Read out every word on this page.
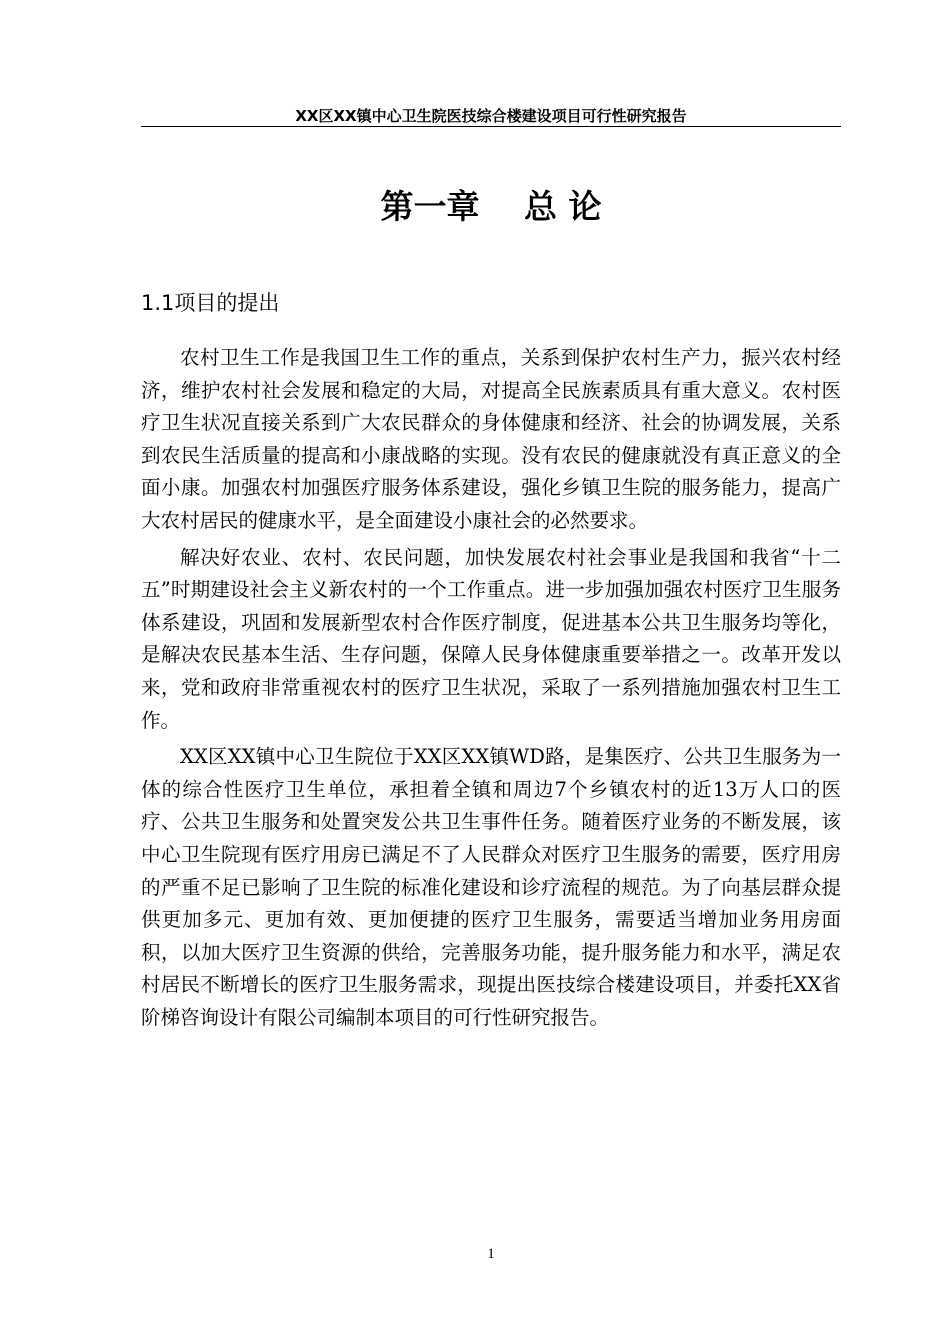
XX区XX镇中心卫生院医技综合楼建设项目可行性研究报告
第一章　 总 论
1.1项目的提出

农村卫生工作是我国卫生工作的重点，关系到保护农村生产力，振兴农村经济，维护农村社会发展和稳定的大局，对提高全民族素质具有重大意义。农村医疗卫生状况直接关系到广大农民群众的身体健康和经济、社会的协调发展，关系到农民生活质量的提高和小康战略的实现。没有农民的健康就没有真正意义的全面小康。加强农村加强医疗服务体系建设，强化乡镇卫生院的服务能力，提高广大农村居民的健康水平，是全面建设小康社会的必然要求。

解决好农业、农村、农民问题，加快发展农村社会事业是我国和我省“十二五”时期建设社会主义新农村的一个工作重点。进一步加强加强农村医疗卫生服务体系建设，巩固和发展新型农村合作医疗制度，促进基本公共卫生服务均等化，是解决农民基本生活、生存问题，保障人民身体健康重要举措之一。改革开发以来，党和政府非常重视农村的医疗卫生状况，采取了一系列措施加强农村卫生工作。

XX区XX镇中心卫生院位于XX区XX镇WD路，是集医疗、公共卫生服务为一体的综合性医疗卫生单位，承担着全镇和周边7个乡镇农村的近13万人口的医疗、公共卫生服务和处置突发公共卫生事件任务。随着医疗业务的不断发展，该中心卫生院现有医疗用房已满足不了人民群众对医疗卫生服务的需要，医疗用房的严重不足已影响了卫生院的标准化建设和诊疗流程的规范。为了向基层群众提供更加多元、更加有效、更加便捷的医疗卫生服务，需要适当增加业务用房面积，以加大医疗卫生资源的供给，完善服务功能，提升服务能力和水平，满足农村居民不断增长的医疗卫生服务需求，现提出医技综合楼建设项目，并委托XX省阶梯咨询设计有限公司编制本项目的可行性研究报告。

1
